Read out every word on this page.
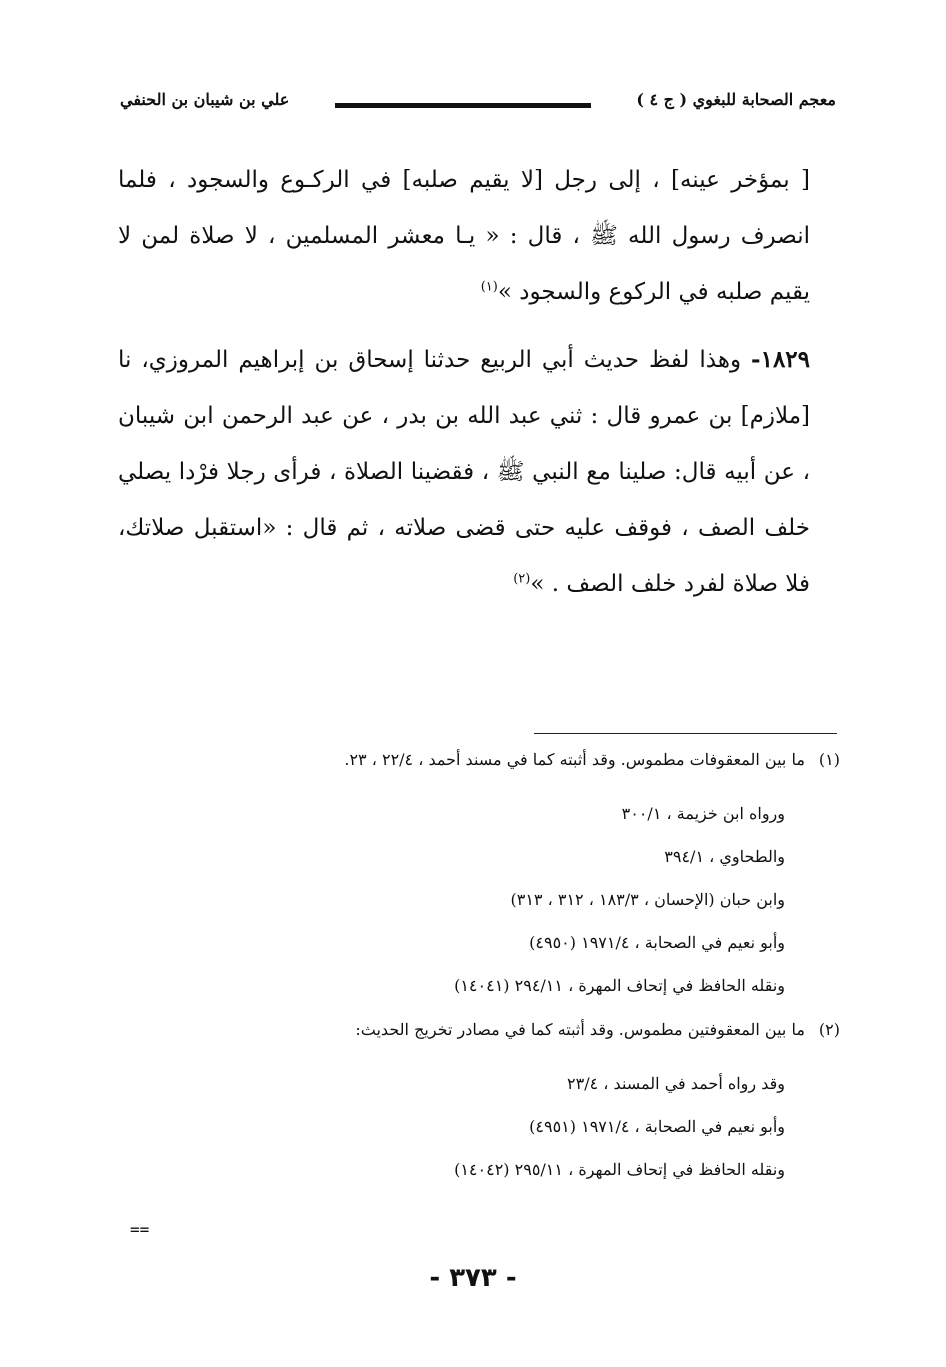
معجم الصحابة للبغوي ( ج ٤ )
علي بن شيبان بن الحنفي
[ بمؤخر عينه] ، إلى رجل [لا يقيم صلبه] في الركـوع والسجود ، فلما انصرف رسول الله ﷺ ، قال : « يـا معشر المسلمين ، لا صلاة لمن لا يقيم صلبه في الركوع والسجود »$^{(١)}$
١٨٢٩- وهذا لفظ حديث أبي الربيع حدثنا إسحاق بن إبراهيم المروزي، نا [ملازم] بن عمرو قال : ثني عبد الله بن بدر ، عن عبد الرحمن ابن شيبان ، عن أبيه قال: صلينا مع النبي ﷺ ، فقضينا الصلاة ، فرأى رجلا فرْدا يصلي خلف الصف ، فوقف عليه حتى قضى صلاته ، ثم قال : «استقبل صلاتك، فلا صلاة لفرد خلف الصف . »$^{(٢)}$
(١) ما بين المعقوفات مطموس. وقد أثبته كما في مسند أحمد ، ٢٢/٤ ، ٢٣.
ورواه ابن خزيمة ، ٣٠٠/١
والطحاوي ، ٣٩٤/١
وابن حبان (الإحسان ، ١٨٣/٣ ، ٣١٢ ، ٣١٣)
وأبو نعيم في الصحابة ، ١٩٧١/٤ (٤٩٥٠)
ونقله الحافظ في إتحاف المهرة ، ٢٩٤/١١ (١٤٠٤١)
(٢) ما بين المعقوفتين مطموس. وقد أثبته كما في مصادر تخريج الحديث:
وقد رواه أحمد في المسند ، ٢٣/٤
وأبو نعيم في الصحابة ، ١٩٧١/٤ (٤٩٥١)
ونقله الحافظ في إتحاف المهرة ، ٢٩٥/١١ (١٤٠٤٢)
==
- ٣٧٣ -
